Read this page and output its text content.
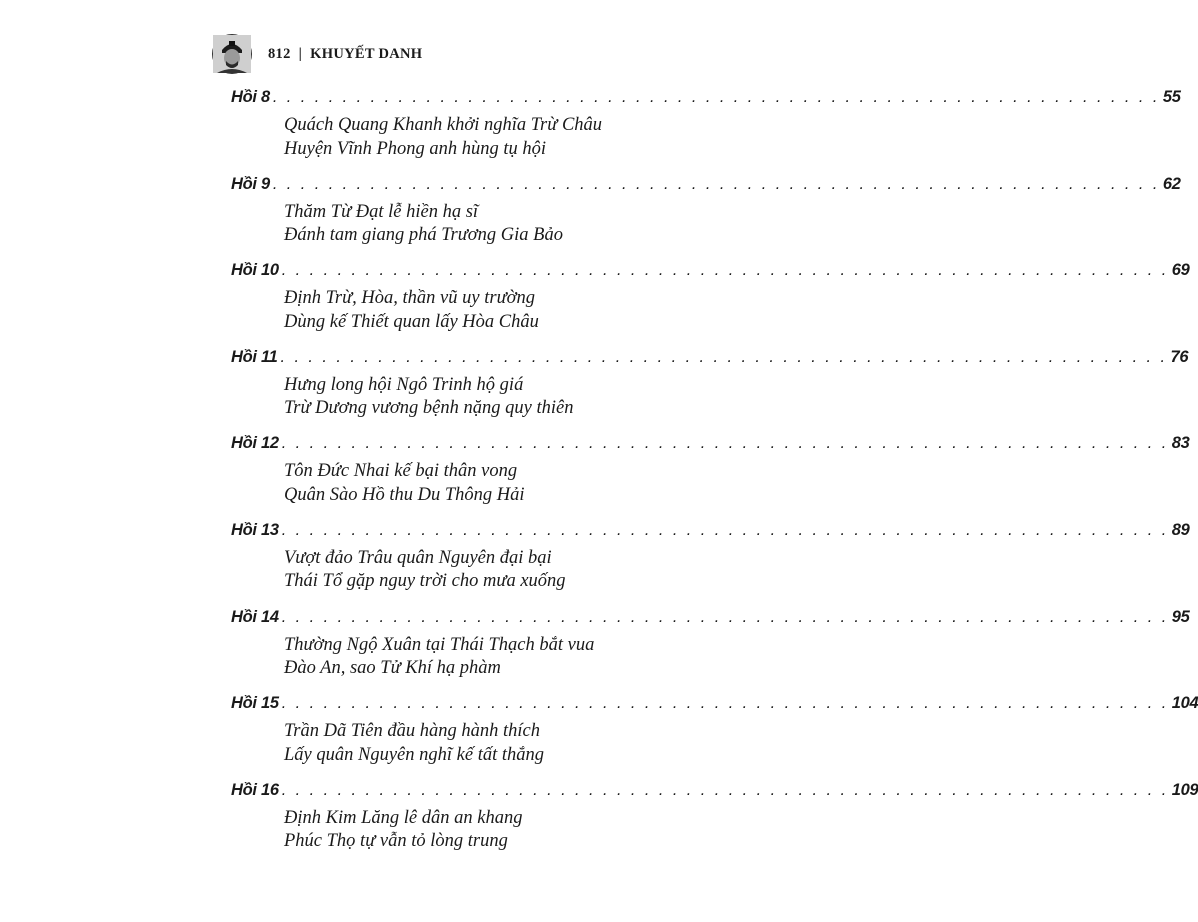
812 | KHUYẾT DANH
Hồi 8 . . . . . . . . . . . . . . . . . . . . . . . . . . . . . . . . . . . . . . . . . . . . . . . . . . . . . . . . . . . . . . . . 55
Quách Quang Khanh khởi nghĩa Trừ Châu
Huyện Vĩnh Phong anh hùng tụ hội
Hồi 9 . . . . . . . . . . . . . . . . . . . . . . . . . . . . . . . . . . . . . . . . . . . . . . . . . . . . . . . . . . . . . . . . 62
Thăm Từ Đạt lễ hiền hạ sĩ
Đánh tam giang phá Trương Gia Bảo
Hồi 10 . . . . . . . . . . . . . . . . . . . . . . . . . . . . . . . . . . . . . . . . . . . . . . . . . . . . . . . . . . . . . . . . 69
Định Trừ, Hòa, thần vũ uy trường
Dùng kế Thiết quan lấy Hòa Châu
Hồi 11 . . . . . . . . . . . . . . . . . . . . . . . . . . . . . . . . . . . . . . . . . . . . . . . . . . . . . . . . . . . . . . . . 76
Hưng long hội Ngô Trinh hộ giá
Trừ Dương vương bệnh nặng quy thiên
Hồi 12 . . . . . . . . . . . . . . . . . . . . . . . . . . . . . . . . . . . . . . . . . . . . . . . . . . . . . . . . . . . . . . . . 83
Tôn Đức Nhai kế bại thân vong
Quân Sào Hồ thu Du Thông Hải
Hồi 13 . . . . . . . . . . . . . . . . . . . . . . . . . . . . . . . . . . . . . . . . . . . . . . . . . . . . . . . . . . . . . . . . 89
Vượt đảo Trâu quân Nguyên đại bại
Thái Tổ gặp nguy trời cho mưa xuống
Hồi 14 . . . . . . . . . . . . . . . . . . . . . . . . . . . . . . . . . . . . . . . . . . . . . . . . . . . . . . . . . . . . . . . . 95
Thường Ngộ Xuân tại Thái Thạch bắt vua
Đào An, sao Tử Khí hạ phàm
Hồi 15 . . . . . . . . . . . . . . . . . . . . . . . . . . . . . . . . . . . . . . . . . . . . . . . . . . . . . . . . . . . . . . . . 104
Trần Dã Tiên đầu hàng hành thích
Lấy quân Nguyên nghĩ kế tất thắng
Hồi 16 . . . . . . . . . . . . . . . . . . . . . . . . . . . . . . . . . . . . . . . . . . . . . . . . . . . . . . . . . . . . . . . . 109
Định Kim Lăng lê dân an khang
Phúc Thọ tự vẫn tỏ lòng trung
